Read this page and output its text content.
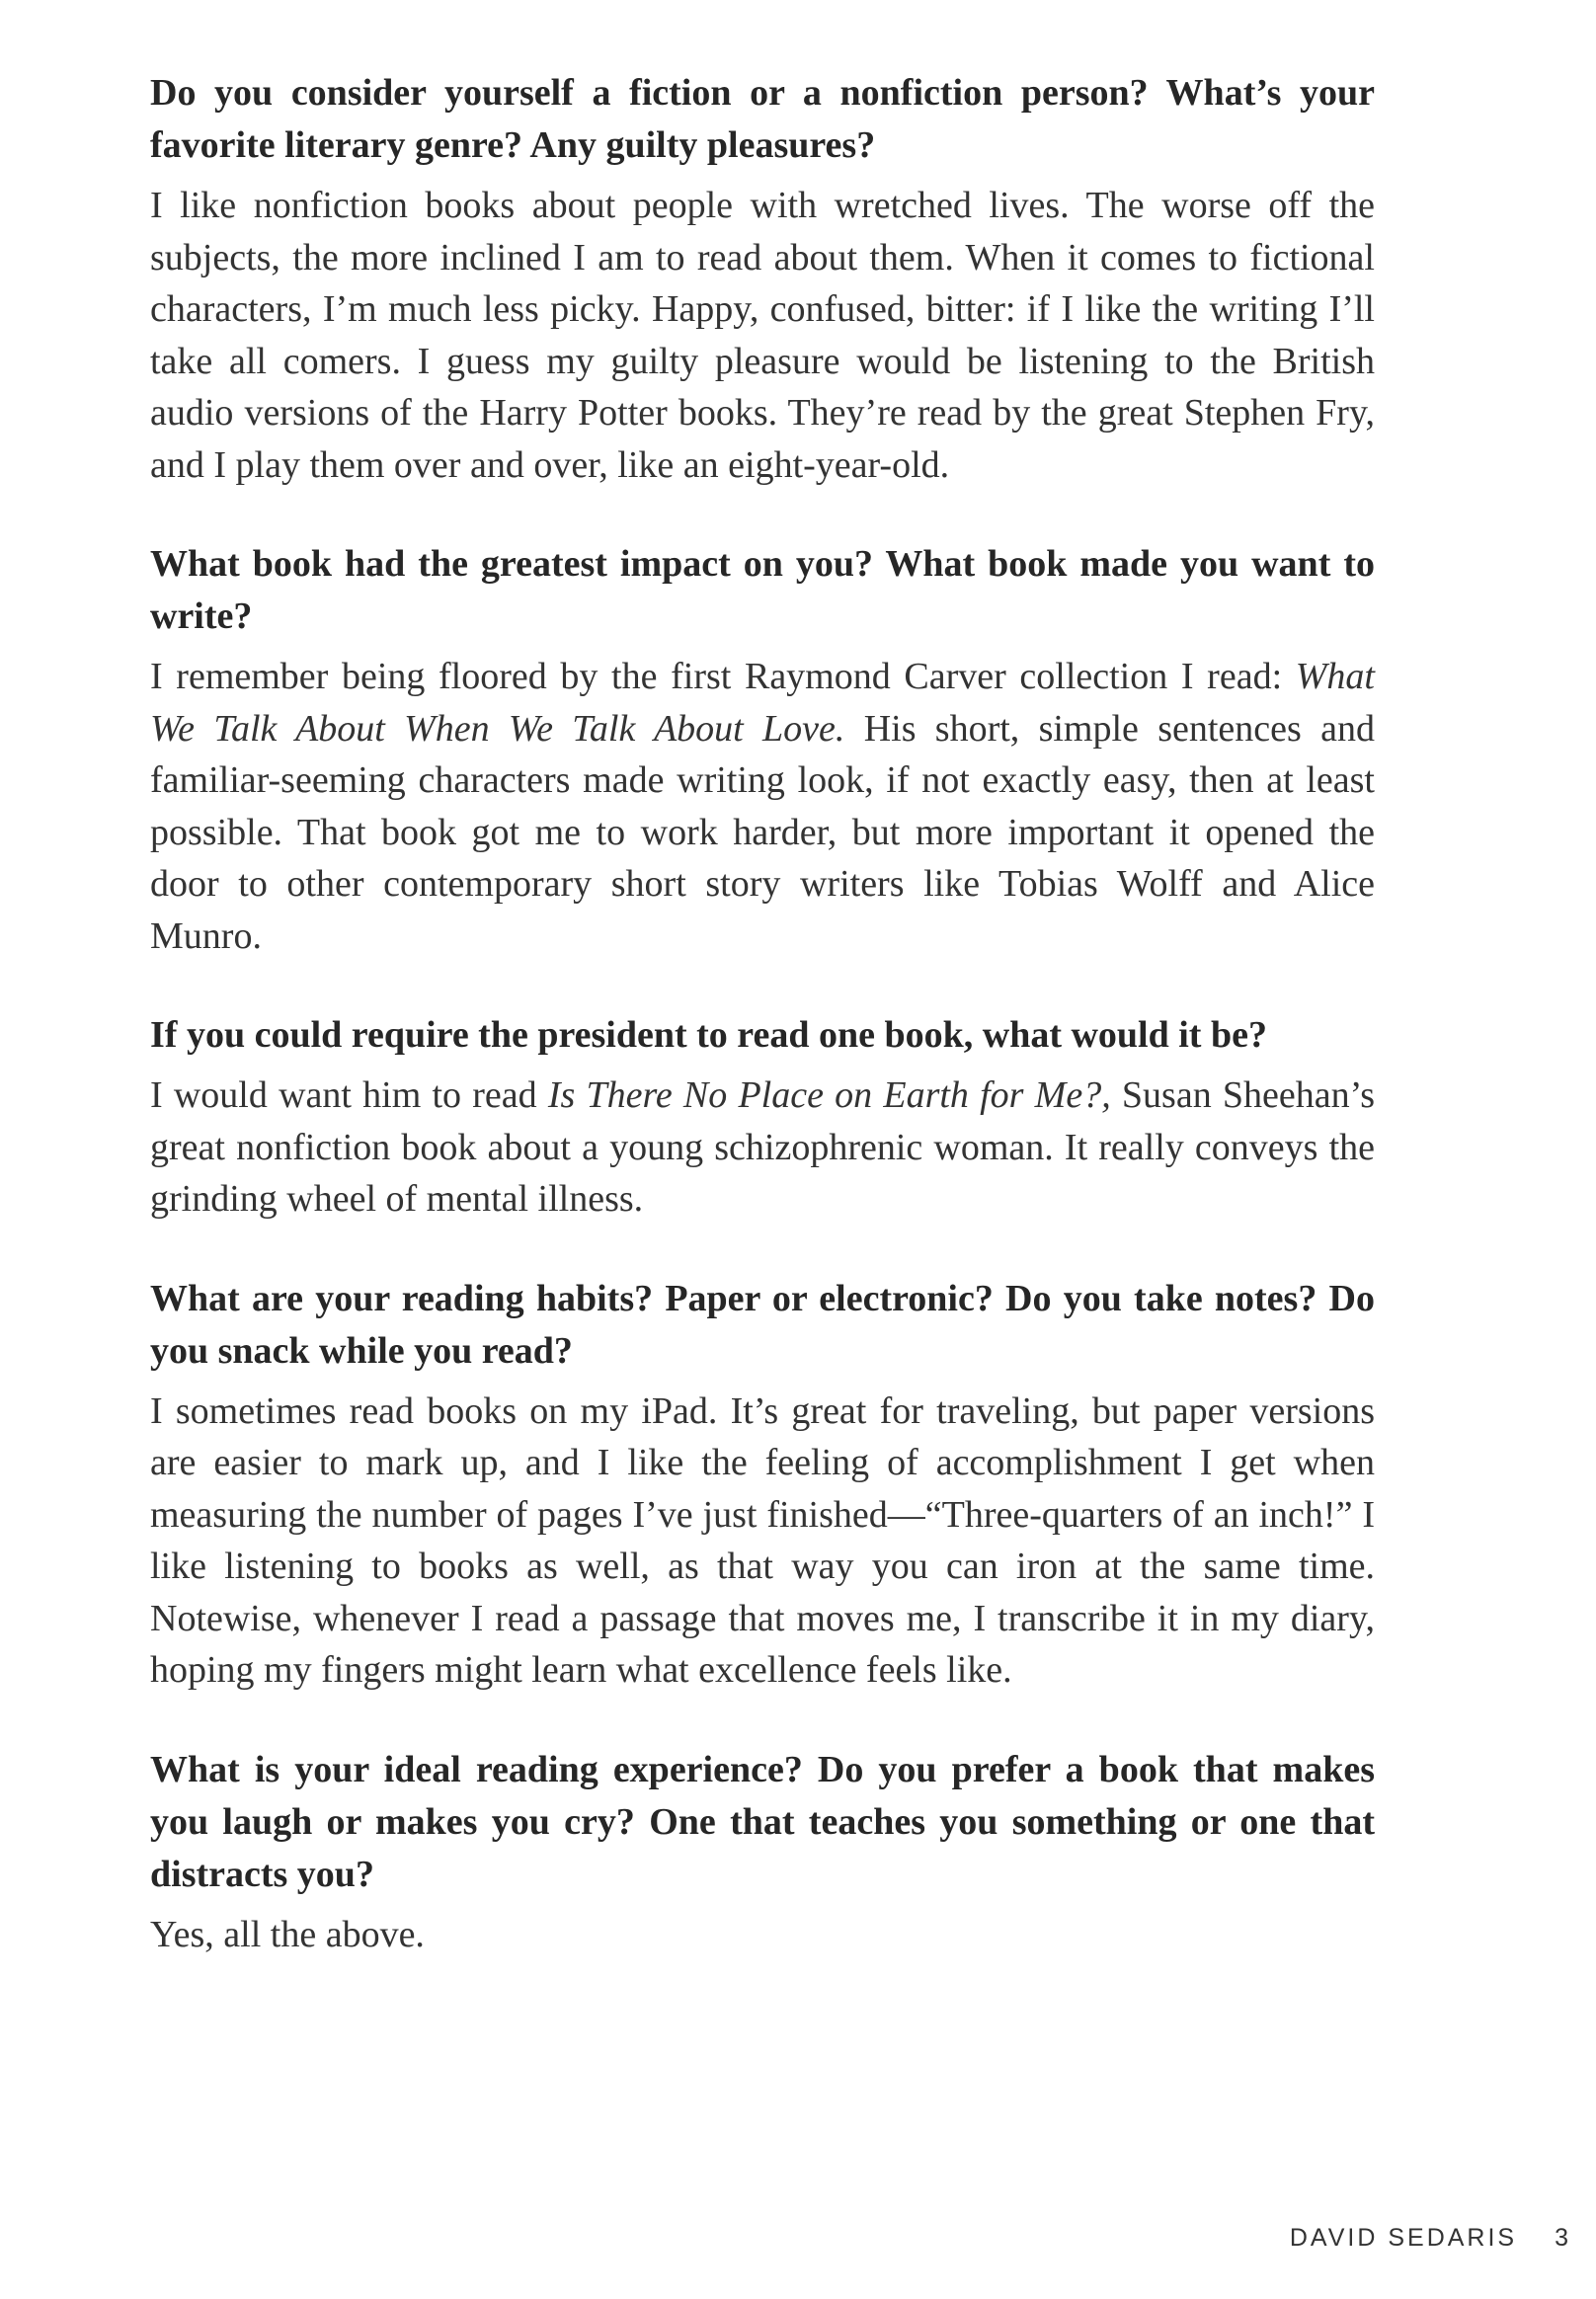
Do you consider yourself a fiction or a nonfiction person? What’s your favorite literary genre? Any guilty pleasures?

I like nonfiction books about people with wretched lives. The worse off the subjects, the more inclined I am to read about them. When it comes to fictional characters, I’m much less picky. Happy, confused, bitter: if I like the writing I’ll take all comers. I guess my guilty pleasure would be listening to the British audio versions of the Harry Potter books. They’re read by the great Stephen Fry, and I play them over and over, like an eight-year-old.

What book had the greatest impact on you? What book made you want to write?

I remember being floored by the first Raymond Carver collection I read: What We Talk About When We Talk About Love. His short, simple sentences and familiar-seeming characters made writing look, if not exactly easy, then at least possible. That book got me to work harder, but more important it opened the door to other contemporary short story writers like Tobias Wolff and Alice Munro.

If you could require the president to read one book, what would it be?

I would want him to read Is There No Place on Earth for Me?, Susan Sheehan’s great nonfiction book about a young schizophrenic woman. It really conveys the grinding wheel of mental illness.

What are your reading habits? Paper or electronic? Do you take notes? Do you snack while you read?

I sometimes read books on my iPad. It’s great for traveling, but paper versions are easier to mark up, and I like the feeling of accomplishment I get when measuring the number of pages I’ve just finished—“Three-quarters of an inch!” I like listening to books as well, as that way you can iron at the same time. Notewise, whenever I read a passage that moves me, I transcribe it in my diary, hoping my fingers might learn what excellence feels like.

What is your ideal reading experience? Do you prefer a book that makes you laugh or makes you cry? One that teaches you something or one that distracts you?

Yes, all the above.

DAVID SEDARIS 3
